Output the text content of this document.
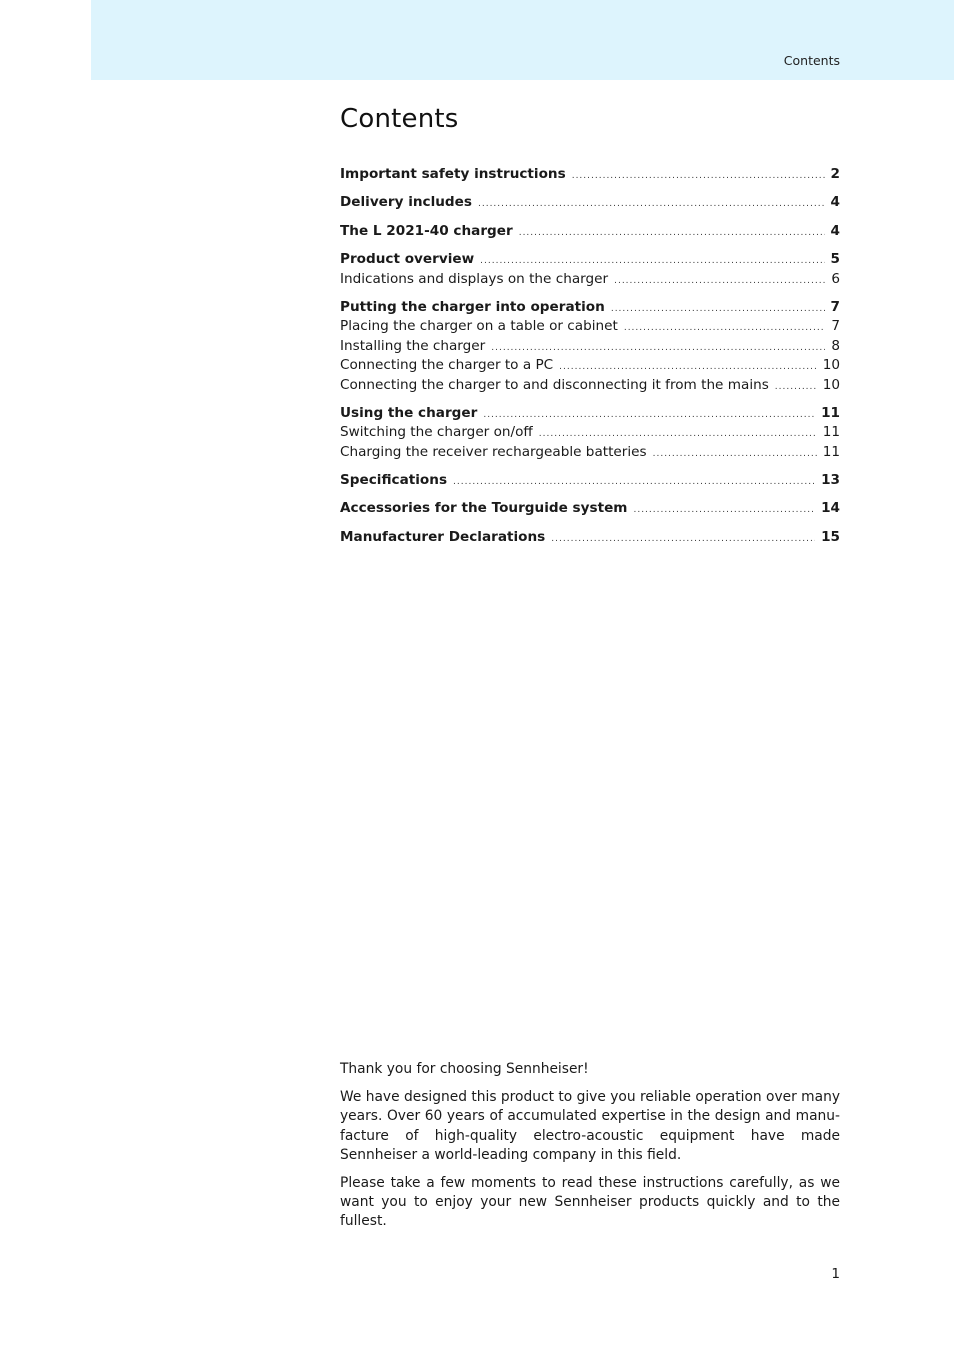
Contents
Contents
Important safety instructions .....	2
Delivery includes .....	4
The L 2021-40 charger .....	4
Product overview .....	5
Indications and displays on the charger .....	6
Putting the charger into operation .....	7
Placing the charger on a table or cabinet .....	7
Installing the charger .....	8
Connecting the charger to a PC .....	10
Connecting the charger to and disconnecting it from the mains .....	10
Using the charger .....	11
Switching the charger on/off .....	11
Charging the receiver rechargeable batteries .....	11
Specifications .....	13
Accessories for the Tourguide system .....	14
Manufacturer Declarations .....	15

Thank you for choosing Sennheiser!

We have designed this product to give you reliable operation over many years. Over 60 years of accumulated expertise in the design and manu-facture of high-quality electro-acoustic equipment have made Sennheiser a world-leading company in this field.

Please take a few moments to read these instructions carefully, as we want you to enjoy your new Sennheiser products quickly and to the fullest.

1
